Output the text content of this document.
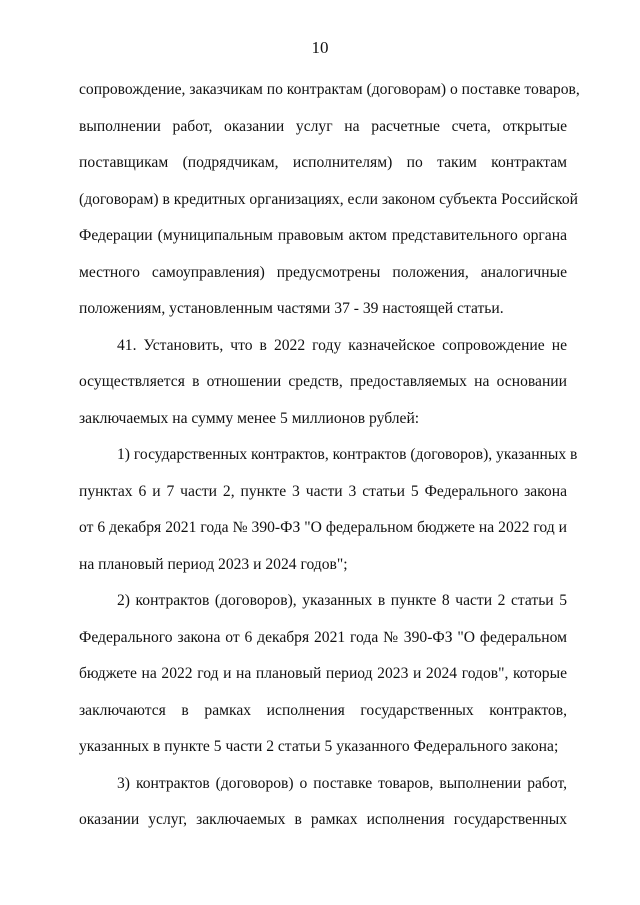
10
сопровождение, заказчикам по контрактам (договорам) о поставке товаров,
выполнении работ, оказании услуг на расчетные счета, открытые
поставщикам (подрядчикам, исполнителям) по таким контрактам
(договорам) в кредитных организациях, если законом субъекта Российской
Федерации (муниципальным правовым актом представительного органа
местного самоуправления) предусмотрены положения, аналогичные
положениям, установленным частями 37 - 39 настоящей статьи.
41. Установить, что в 2022 году казначейское сопровождение не
осуществляется в отношении средств, предоставляемых на основании
заключаемых на сумму менее 5 миллионов рублей:
1) государственных контрактов, контрактов (договоров), указанных в
пунктах 6 и 7 части 2, пункте 3 части 3 статьи 5 Федерального закона
от 6 декабря 2021 года № 390-ФЗ "О федеральном бюджете на 2022 год и
на плановый период 2023 и 2024 годов";
2) контрактов (договоров), указанных в пункте 8 части 2 статьи 5
Федерального закона от 6 декабря 2021 года № 390-ФЗ "О федеральном
бюджете на 2022 год и на плановый период 2023 и 2024 годов", которые
заключаются в рамках исполнения государственных контрактов,
указанных в пункте 5 части 2 статьи 5 указанного Федерального закона;
3) контрактов (договоров) о поставке товаров, выполнении работ,
оказании услуг, заключаемых в рамках исполнения государственных
